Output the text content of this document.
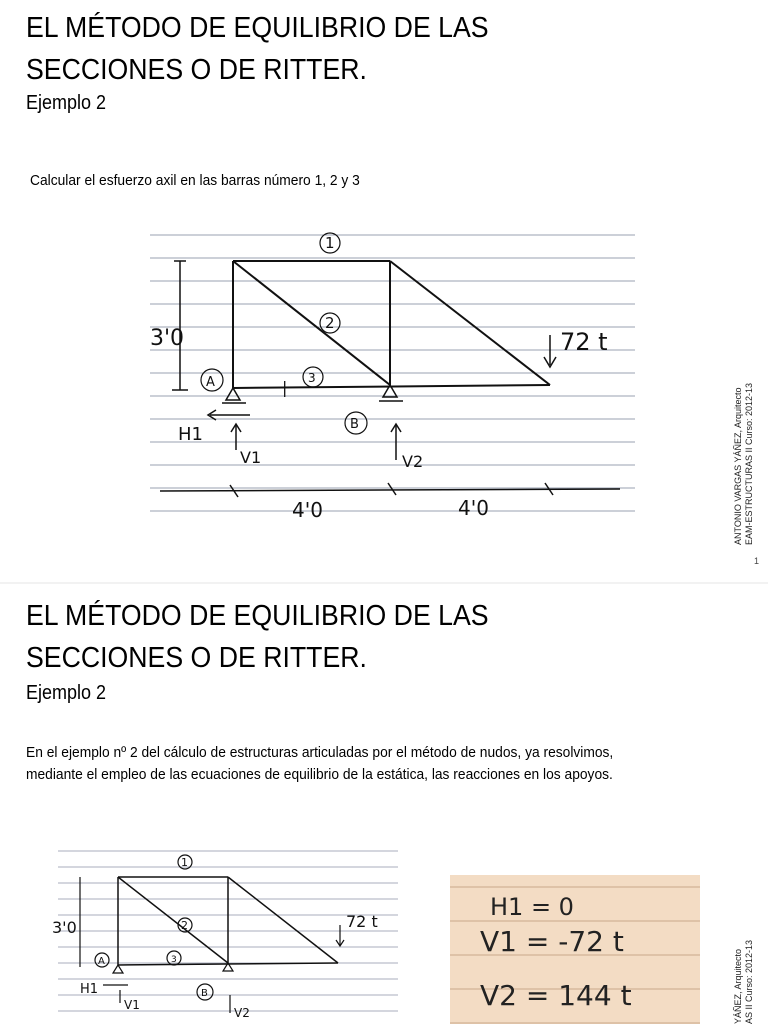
EL MÉTODO DE EQUILIBRIO DE LAS
SECCIONES O DE RITTER.
Ejemplo 2
Calcular el esfuerzo axil en las barras número 1, 2 y 3
1
2
3
|
3'0	72 t
A
B
H1
V1	V2
4'0	4'0	ANTONIO VARGAS YÁÑEZ, Arquitecto EAM-ESTRUCTURAS II Curso: 2012-13
1
EL MÉTODO DE EQUILIBRIO DE LAS
SECCIONES O DE RITTER.
Ejemplo 2
En el ejemplo nº 2 del cálculo de estructuras articuladas por el método de nudos, ya resolvimos,
mediante el empleo de las ecuaciones de equilibrio de la estática, las reacciones en los apoyos.
1
2
3
3'0	72 t
A
B
H1
V1
V2
H1 = 0
V1 = -72 t
V2 = 144 t	YÁÑEZ, Arquitecto AS II Curso: 2012-13
